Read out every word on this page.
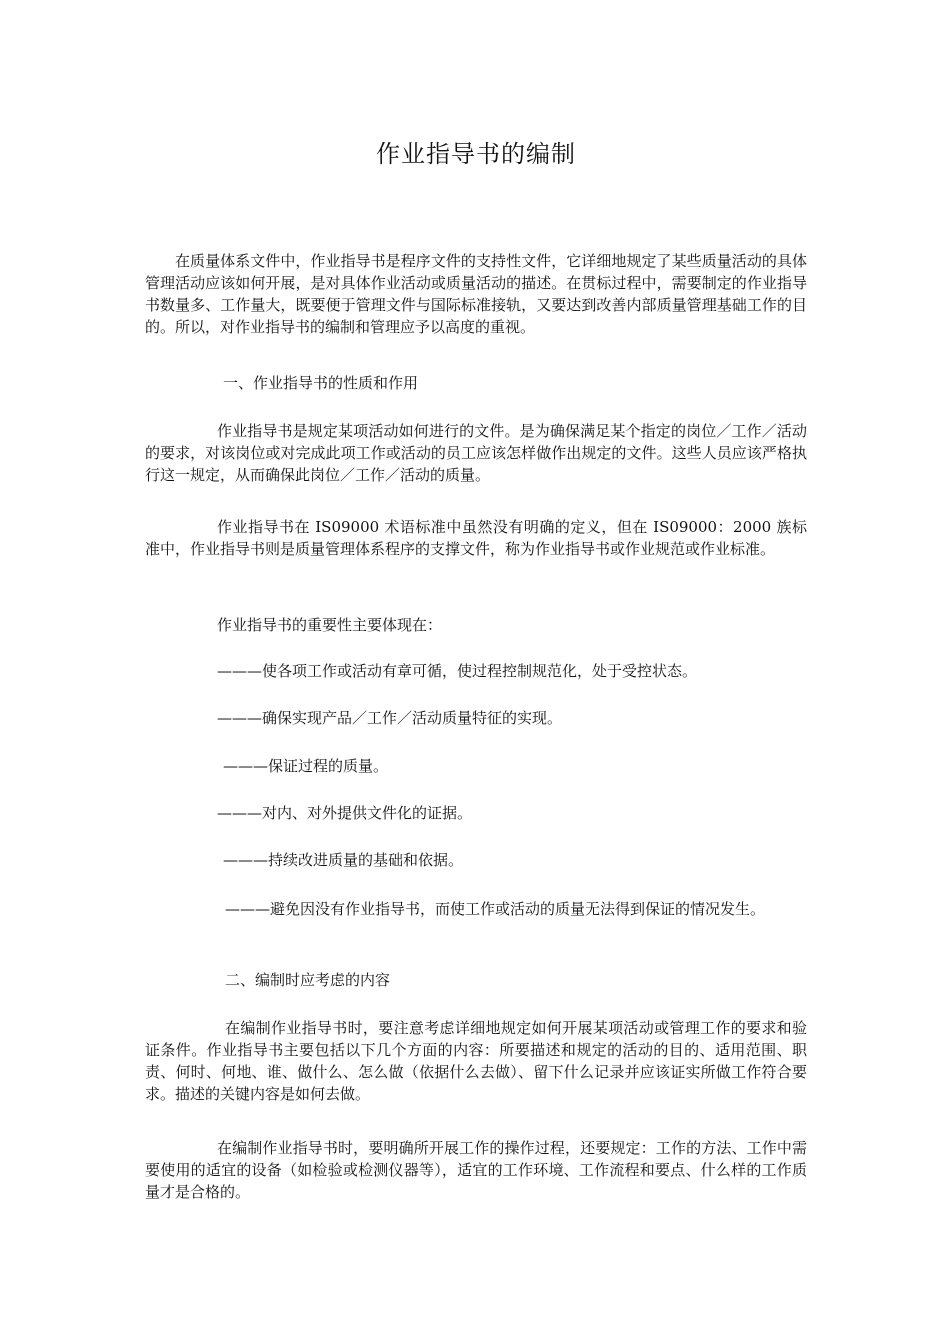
作业指导书的编制

在质量体系文件中，作业指导书是程序文件的支持性文件，它详细地规定了某些质量活动的具体管理活动应该如何开展，是对具体作业活动或质量活动的描述。在贯标过程中，需要制定的作业指导书数量多、工作量大，既要便于管理文件与国际标准接轨，又要达到改善内部质量管理基础工作的目的。所以，对作业指导书的编制和管理应予以高度的重视。

一、作业指导书的性质和作用

作业指导书是规定某项活动如何进行的文件。是为确保满足某个指定的岗位／工作／活动的要求，对该岗位或对完成此项工作或活动的员工应该怎样做作出规定的文件。这些人员应该严格执行这一规定，从而确保此岗位／工作／活动的质量。

作业指导书在 IS09000 术语标准中虽然没有明确的定义，但在 IS09000：2000 族标准中，作业指导书则是质量管理体系程序的支撑文件，称为作业指导书或作业规范或作业标准。

作业指导书的重要性主要体现在：

———使各项工作或活动有章可循，使过程控制规范化，处于受控状态。

———确保实现产品／工作／活动质量特征的实现。

———保证过程的质量。

———对内、对外提供文件化的证据。

———持续改进质量的基础和依据。

———避免因没有作业指导书，而使工作或活动的质量无法得到保证的情况发生。

二、编制时应考虑的内容

在编制作业指导书时，要注意考虑详细地规定如何开展某项活动或管理工作的要求和验证条件。作业指导书主要包括以下几个方面的内容：所要描述和规定的活动的目的、适用范围、职责、何时、何地、谁、做什么、怎么做（依据什么去做）、留下什么记录并应该证实所做工作符合要求。描述的关键内容是如何去做。

在编制作业指导书时，要明确所开展工作的操作过程，还要规定：工作的方法、工作中需要使用的适宜的设备（如检验或检测仪器等），适宜的工作环境、工作流程和要点、什么样的工作质量才是合格的。
